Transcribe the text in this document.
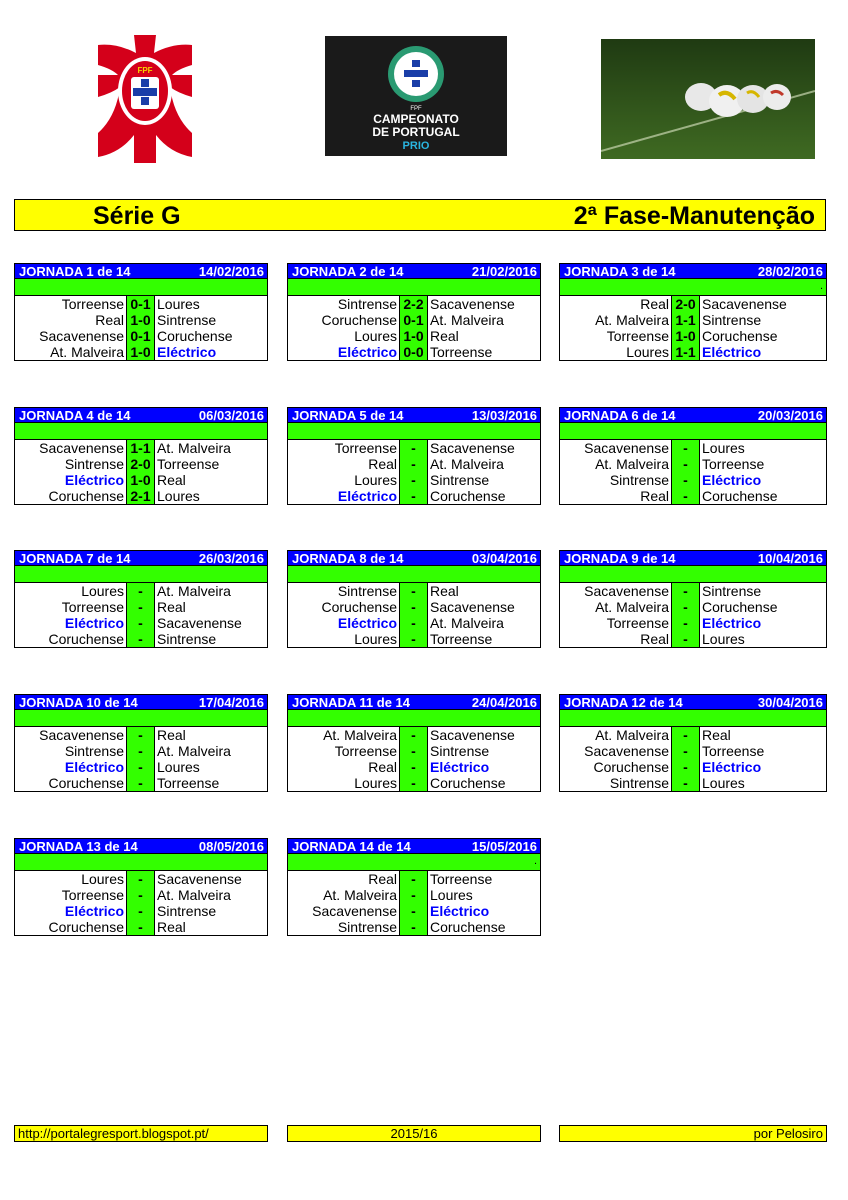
FPF
FPF
CAMPEONATO
DE PORTUGAL
PRIO
Série G	2ª Fase-Manutenção
JORNADA 1 de 14	14/02/2016
Torreense 0-1 Loures
Real 1-0 Sintrense
Sacavenense 0-1 Coruchense
At. Malveira 1-0 Eléctrico
JORNADA 2 de 14	21/02/2016
Sintrense 2-2 Sacavenense
Coruchense 0-1 At. Malveira
Loures 1-0 Real
Eléctrico 0-0 Torreense
JORNADA 3 de 14	28/02/2016
.
Real 2-0 Sacavenense
At. Malveira 1-1 Sintrense
Torreense 1-0 Coruchense
Loures 1-1 Eléctrico
JORNADA 4 de 14	06/03/2016
Sacavenense 1-1 At. Malveira
Sintrense 2-0 Torreense
Eléctrico 1-0 Real
Coruchense 2-1 Loures
JORNADA 5 de 14	13/03/2016
Torreense	-	Sacavenense
Real	-	At. Malveira
Loures	-	Sintrense
Eléctrico	-	Coruchense
JORNADA 6 de 14	20/03/2016
Sacavenense	-	Loures
At. Malveira	-	Torreense
Sintrense	-	Eléctrico
Real	-	Coruchense
JORNADA 7 de 14	26/03/2016
Loures	-	At. Malveira
Torreense	-	Real
Eléctrico	-	Sacavenense
Coruchense	-	Sintrense
JORNADA 8 de 14	03/04/2016
Sintrense	-	Real
Coruchense	-	Sacavenense
Eléctrico	-	At. Malveira
Loures	-	Torreense
JORNADA 9 de 14	10/04/2016
Sacavenense	-	Sintrense
At. Malveira	-	Coruchense
Torreense	-	Eléctrico
Real	-	Loures
JORNADA 10 de 14	17/04/2016
Sacavenense	-	Real
Sintrense	-	At. Malveira
Eléctrico	-	Loures
Coruchense	-	Torreense
JORNADA 11 de 14	24/04/2016
At. Malveira	-	Sacavenense
Torreense	-	Sintrense
Real	-	Eléctrico
Loures	-	Coruchense
JORNADA 12 de 14	30/04/2016
At. Malveira	-	Real
Sacavenense	-	Torreense
Coruchense	-	Eléctrico
Sintrense	-	Loures
JORNADA 13 de 14	08/05/2016
Loures	-	Sacavenense
Torreense	-	At. Malveira
Eléctrico	-	Sintrense
Coruchense	-	Real
JORNADA 14 de 14	15/05/2016
.
Real	-	Torreense
At. Malveira	-	Loures
Sacavenense	-	Eléctrico
Sintrense	-	Coruchense
http://portalegresport.blogspot.pt/	2015/16	por Pelosiro
